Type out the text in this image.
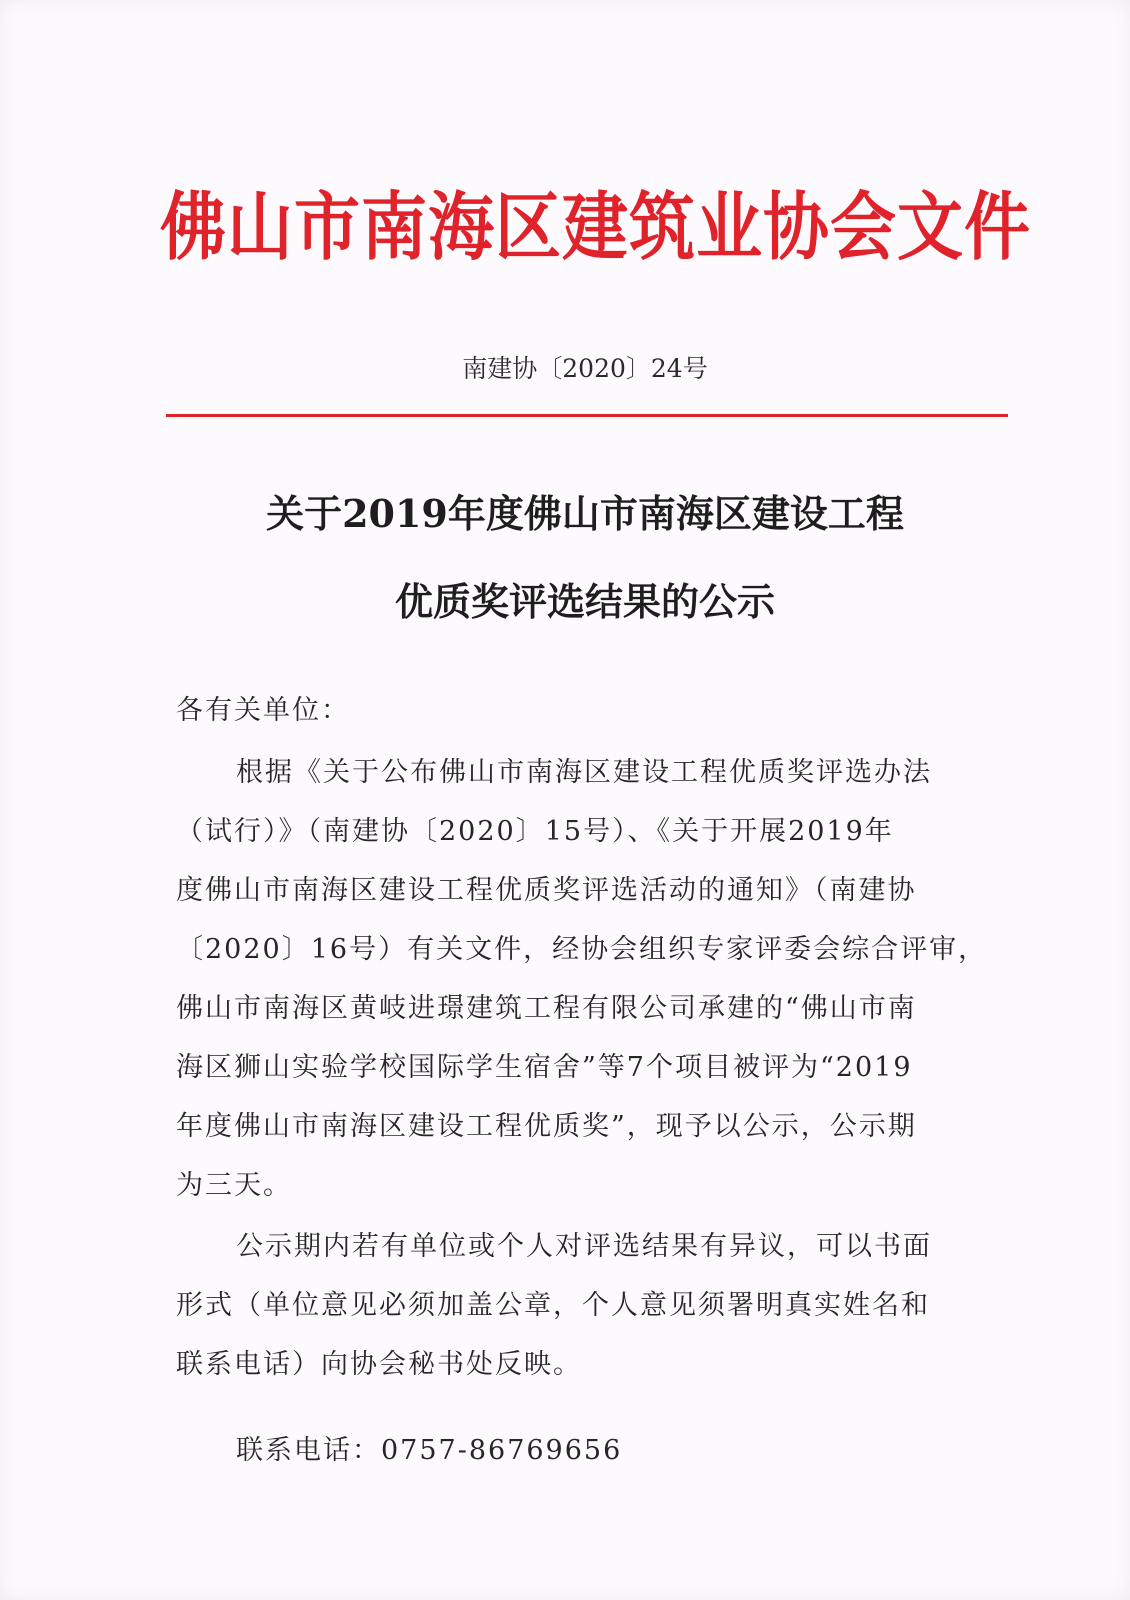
佛山市南海区建筑业协会文件
南建协〔2020〕24号
关于2019年度佛山市南海区建设工程
优质奖评选结果的公示
各有关单位：
根据《关于公布佛山市南海区建设工程优质奖评选办法
（试行）》（南建协〔2020〕15号）、《关于开展2019年
度佛山市南海区建设工程优质奖评选活动的通知》（南建协
〔2020〕16号）有关文件，经协会组织专家评委会综合评审，
佛山市南海区黄岐进璟建筑工程有限公司承建的“佛山市南
海区狮山实验学校国际学生宿舍”等7个项目被评为“2019
年度佛山市南海区建设工程优质奖”，现予以公示，公示期
为三天。
公示期内若有单位或个人对评选结果有异议，可以书面
形式（单位意见必须加盖公章，个人意见须署明真实姓名和
联系电话）向协会秘书处反映。
联系电话：0757-86769656
